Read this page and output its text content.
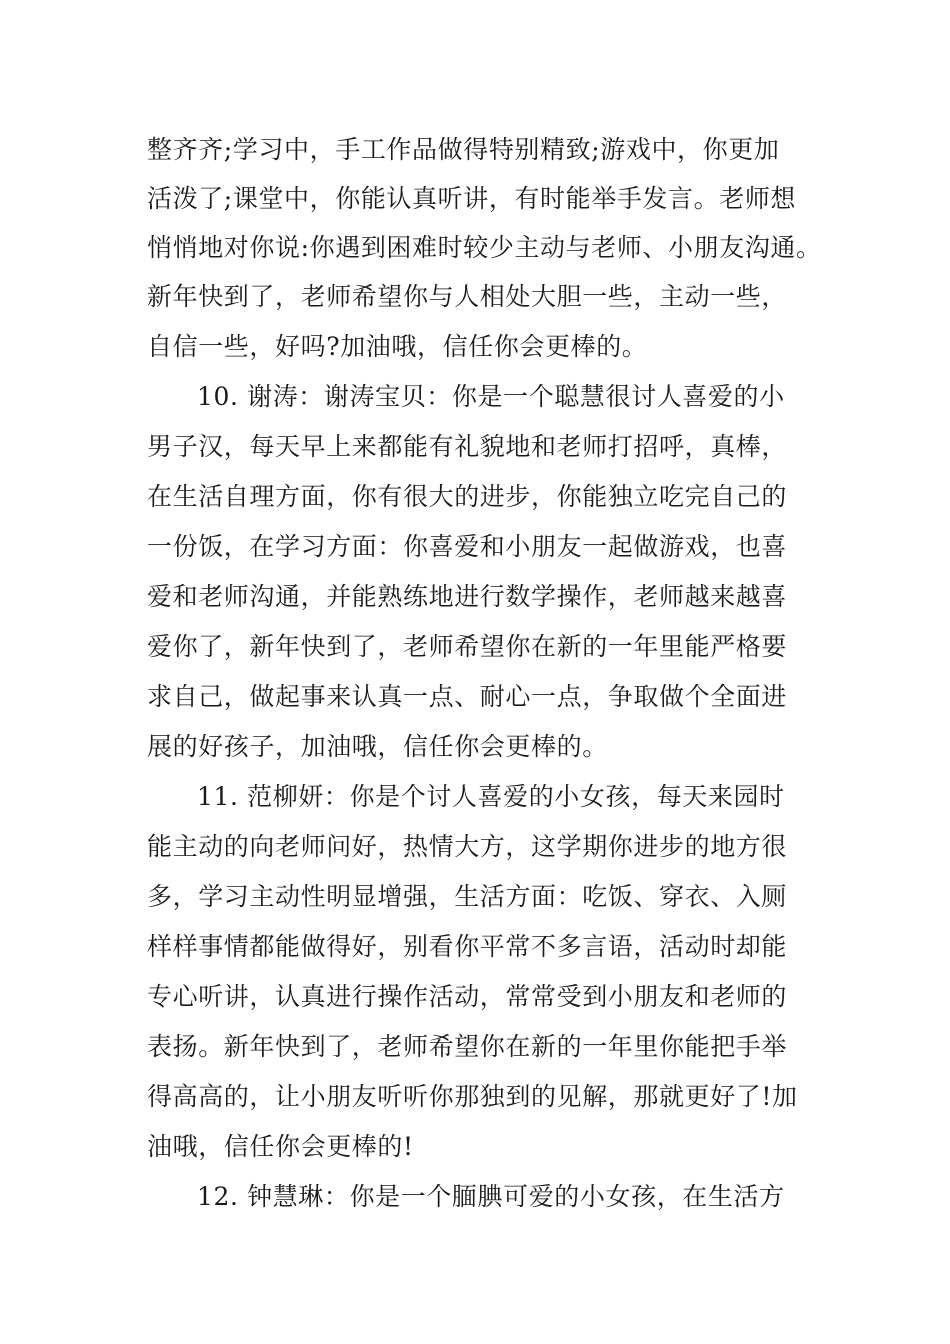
整齐齐;学习中，手工作品做得特别精致;游戏中，你更加
活泼了;课堂中，你能认真听讲，有时能举手发言。老师想
悄悄地对你说:你遇到困难时较少主动与老师、小朋友沟通。
新年快到了，老师希望你与人相处大胆一些，主动一些，
自信一些，好吗?加油哦，信任你会更棒的。
10. 谢涛：谢涛宝贝：你是一个聪慧很讨人喜爱的小
男子汉，每天早上来都能有礼貌地和老师打招呼，真棒，
在生活自理方面，你有很大的进步，你能独立吃完自己的
一份饭，在学习方面：你喜爱和小朋友一起做游戏，也喜
爱和老师沟通，并能熟练地进行数学操作，老师越来越喜
爱你了，新年快到了，老师希望你在新的一年里能严格要
求自己，做起事来认真一点、耐心一点，争取做个全面进
展的好孩子，加油哦，信任你会更棒的。
11. 范柳妍：你是个讨人喜爱的小女孩，每天来园时
能主动的向老师问好，热情大方，这学期你进步的地方很
多，学习主动性明显增强，生活方面：吃饭、穿衣、入厕
样样事情都能做得好，别看你平常不多言语，活动时却能
专心听讲，认真进行操作活动，常常受到小朋友和老师的
表扬。新年快到了，老师希望你在新的一年里你能把手举
得高高的，让小朋友听听你那独到的见解，那就更好了!加
油哦，信任你会更棒的!
12. 钟慧琳：你是一个腼腆可爱的小女孩，在生活方
